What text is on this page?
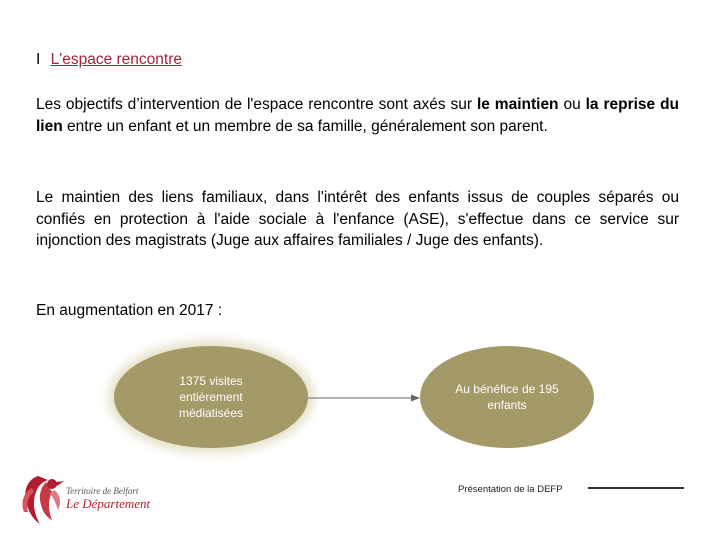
I L'espace rencontre

Les objectifs d’intervention de l'espace rencontre sont axés sur le maintien ou la reprise du lien entre un enfant et un membre de sa famille, généralement son parent.

Le maintien des liens familiaux, dans l'intérêt des enfants issus de couples séparés ou confiés en protection à l'aide sociale à l'enfance (ASE), s'effectue dans ce service sur injonction des magistrats (Juge aux affaires familiales / Juge des enfants).

En augmentation en 2017 :

1375 visites entièrement médiatisées
Au bénéfice de 195 enfants
Territoire de Belfort
Le Département
Présentation de la DEFP
